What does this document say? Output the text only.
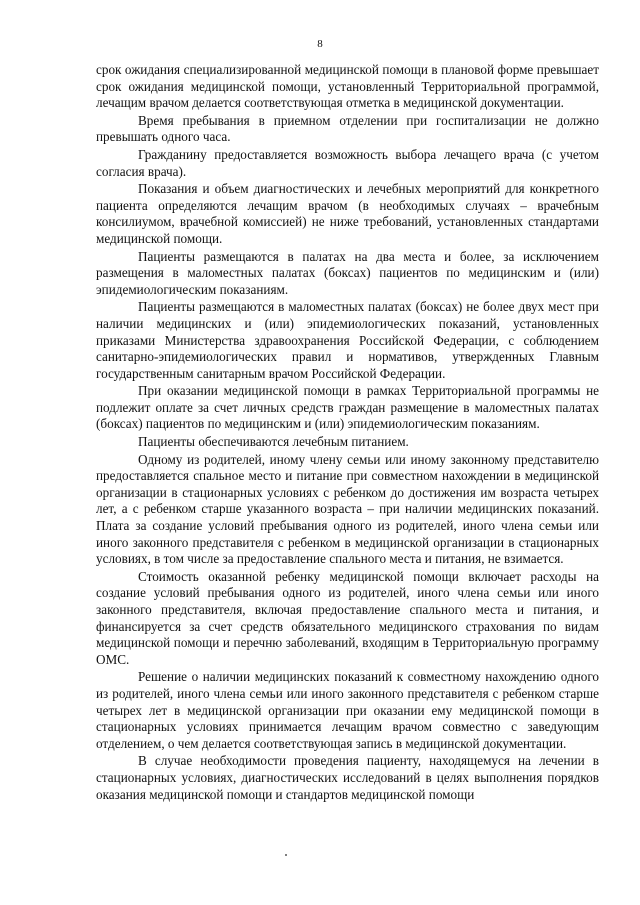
8

срок ожидания специализированной медицинской помощи в плановой форме превышает срок ожидания медицинской помощи, установленный Территориальной программой, лечащим врачом делается соответствующая отметка в медицинской документации.

Время пребывания в приемном отделении при госпитализации не должно превышать одного часа.

Гражданину предоставляется возможность выбора лечащего врача (с учетом согласия врача).

Показания и объем диагностических и лечебных мероприятий для конкретного пациента определяются лечащим врачом (в необходимых случаях – врачебным консилиумом, врачебной комиссией) не ниже требований, установленных стандартами медицинской помощи.

Пациенты размещаются в палатах на два места и более, за исключением размещения в маломестных палатах (боксах) пациентов по медицинским и (или) эпидемиологическим показаниям.

Пациенты размещаются в маломестных палатах (боксах) не более двух мест при наличии медицинских и (или) эпидемиологических показаний, установленных приказами Министерства здравоохранения Российской Федерации, с соблюдением санитарно-эпидемиологических правил и нормативов, утвержденных Главным государственным санитарным врачом Российской Федерации.

При оказании медицинской помощи в рамках Территориальной программы не подлежит оплате за счет личных средств граждан размещение в маломестных палатах (боксах) пациентов по медицинским и (или) эпидемиологическим показаниям.

Пациенты обеспечиваются лечебным питанием.

Одному из родителей, иному члену семьи или иному законному представителю предоставляется спальное место и питание при совместном нахождении в медицинской организации в стационарных условиях с ребенком до достижения им возраста четырех лет, а с ребенком старше указанного возраста – при наличии медицинских показаний. Плата за создание условий пребывания одного из родителей, иного члена семьи или иного законного представителя с ребенком в медицинской организации в стационарных условиях, в том числе за предоставление спального места и питания, не взимается.

Стоимость оказанной ребенку медицинской помощи включает расходы на создание условий пребывания одного из родителей, иного члена семьи или иного законного представителя, включая предоставление спального места и питания, и финансируется за счет средств обязательного медицинского страхования по видам медицинской помощи и перечню заболеваний, входящим в Территориальную программу ОМС.

Решение о наличии медицинских показаний к совместному нахождению одного из родителей, иного члена семьи или иного законного представителя с ребенком старше четырех лет в медицинской организации при оказании ему медицинской помощи в стационарных условиях принимается лечащим врачом совместно с заведующим отделением, о чем делается соответствующая запись в медицинской документации.

В случае необходимости проведения пациенту, находящемуся на лечении в стационарных условиях, диагностических исследований в целях выполнения порядков оказания медицинской помощи и стандартов медицинской помощи
